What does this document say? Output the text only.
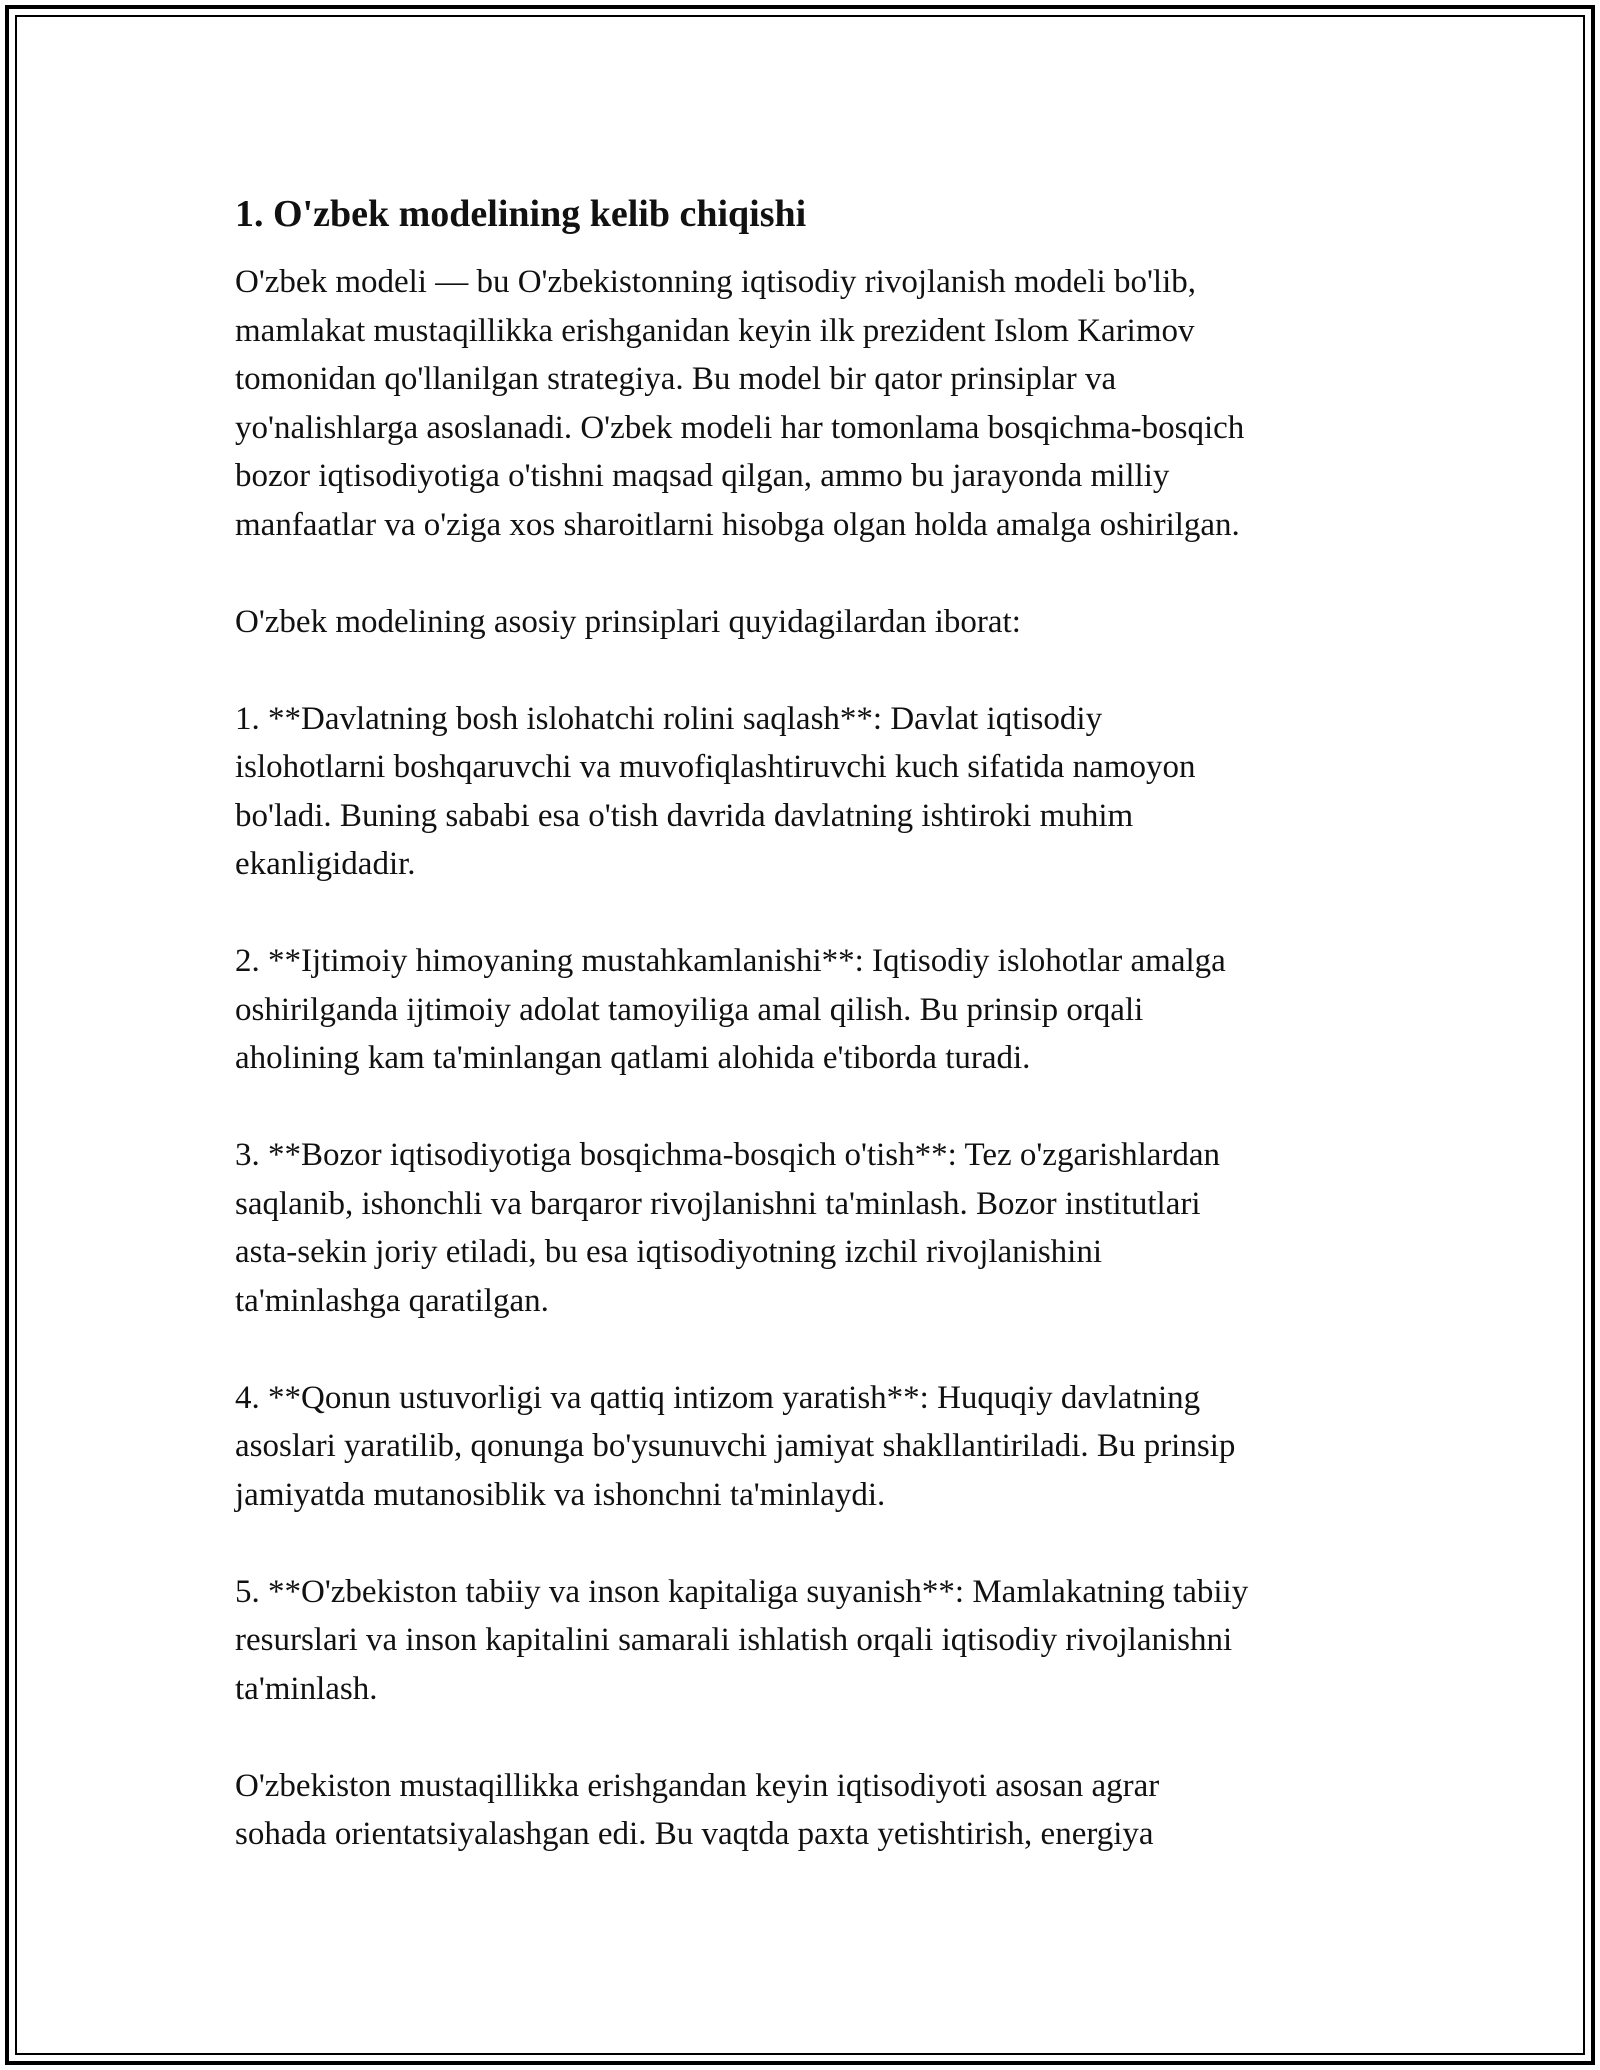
1. O'zbek modelining kelib chiqishi
O'zbek modeli — bu O'zbekistonning iqtisodiy rivojlanish modeli bo'lib,
mamlakat mustaqillikka erishganidan keyin ilk prezident Islom Karimov
tomonidan qo'llanilgan strategiya. Bu model bir qator prinsiplar va
yo'nalishlarga asoslanadi. O'zbek modeli har tomonlama bosqichma-bosqich
bozor iqtisodiyotiga o'tishni maqsad qilgan, ammo bu jarayonda milliy
manfaatlar va o'ziga xos sharoitlarni hisobga olgan holda amalga oshirilgan.
O'zbek modelining asosiy prinsiplari quyidagilardan iborat:
1. **Davlatning bosh islohatchi rolini saqlash**: Davlat iqtisodiy
islohotlarni boshqaruvchi va muvofiqlashtiruvchi kuch sifatida namoyon
bo'ladi. Buning sababi esa o'tish davrida davlatning ishtiroki muhim
ekanligidadir.
2. **Ijtimoiy himoyaning mustahkamlanishi**: Iqtisodiy islohotlar amalga
oshirilganda ijtimoiy adolat tamoyiliga amal qilish. Bu prinsip orqali
aholining kam ta'minlangan qatlami alohida e'tiborda turadi.
3. **Bozor iqtisodiyotiga bosqichma-bosqich o'tish**: Tez o'zgarishlardan
saqlanib, ishonchli va barqaror rivojlanishni ta'minlash. Bozor institutlari
asta-sekin joriy etiladi, bu esa iqtisodiyotning izchil rivojlanishini
ta'minlashga qaratilgan.
4. **Qonun ustuvorligi va qattiq intizom yaratish**: Huquqiy davlatning
asoslari yaratilib, qonunga bo'ysunuvchi jamiyat shakllantiriladi. Bu prinsip
jamiyatda mutanosiblik va ishonchni ta'minlaydi.
5. **O'zbekiston tabiiy va inson kapitaliga suyanish**: Mamlakatning tabiiy
resurslari va inson kapitalini samarali ishlatish orqali iqtisodiy rivojlanishni
ta'minlash.
O'zbekiston mustaqillikka erishgandan keyin iqtisodiyoti asosan agrar
sohada orientatsiyalashgan edi. Bu vaqtda paxta yetishtirish, energiya
